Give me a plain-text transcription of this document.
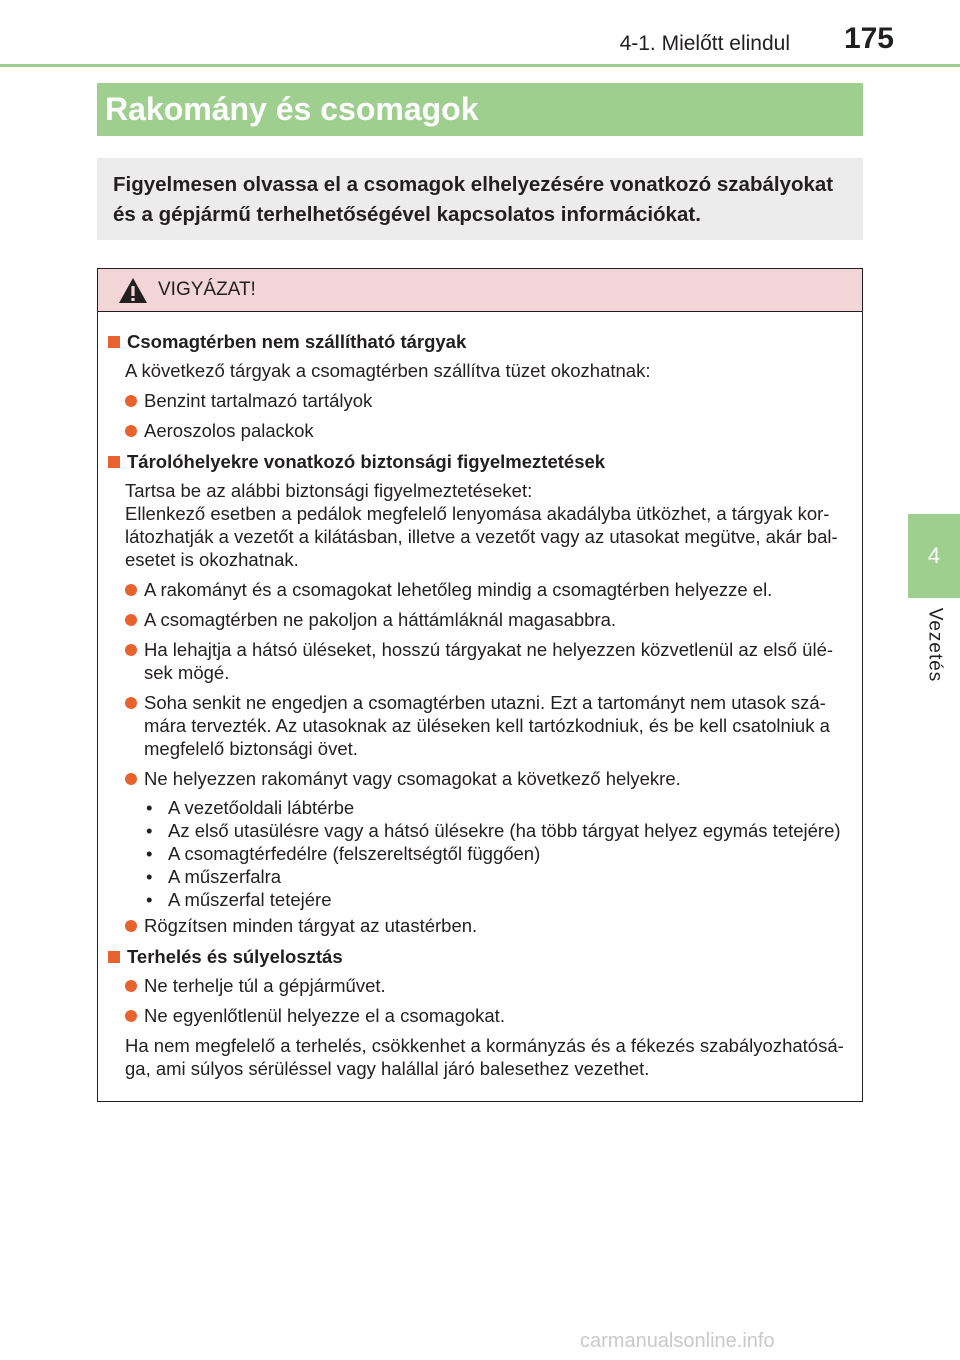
4-1. Mielőtt elindul 175
4
Vezetés
Rakomány és csomagok

Figyelmesen olvassa el a csomagok elhelyezésére vonatkozó szabályokat és a gépjármű terhelhetőségével kapcsolatos információkat.

VIGYÁZAT!
Csomagtérben nem szállítható tárgyak
A következő tárgyak a csomagtérben szállítva tüzet okozhatnak:
Benzint tartalmazó tartályok
Aeroszolos palackok
Tárolóhelyekre vonatkozó biztonsági figyelmeztetések
Tartsa be az alábbi biztonsági figyelmeztetéseket:
Ellenkező esetben a pedálok megfelelő lenyomása akadályba ütközhet, a tárgyak kor-
látozhatják a vezetőt a kilátásban, illetve a vezetőt vagy az utasokat megütve, akár bal-
esetet is okozhatnak.
A rakományt és a csomagokat lehetőleg mindig a csomagtérben helyezze el.
A csomagtérben ne pakoljon a háttámláknál magasabbra.
Ha lehajtja a hátsó üléseket, hosszú tárgyakat ne helyezzen közvetlenül az első ülé-sek mögé.
Soha senkit ne engedjen a csomagtérben utazni. Ezt a tartományt nem utasok szá-mára tervezték. Az utasoknak az üléseken kell tartózkodniuk, és be kell csatolniuk a megfelelő biztonsági övet.
Ne helyezzen rakományt vagy csomagokat a következő helyekre.
• A vezetőoldali lábtérbe
• Az első utasülésre vagy a hátsó ülésekre (ha több tárgyat helyez egymás tetejére)
• A csomagtérfedélre (felszereltségtől függően)
• A műszerfalra
• A műszerfal tetejére
Rögzítsen minden tárgyat az utastérben.
Terhelés és súlyelosztás
Ne terhelje túl a gépjárművet.
Ne egyenlőtlenül helyezze el a csomagokat.
Ha nem megfelelő a terhelés, csökkenhet a kormányzás és a fékezés szabályozhatósá-ga, ami súlyos sérüléssel vagy halállal járó balesethez vezethet.
carmanualsonline.info
